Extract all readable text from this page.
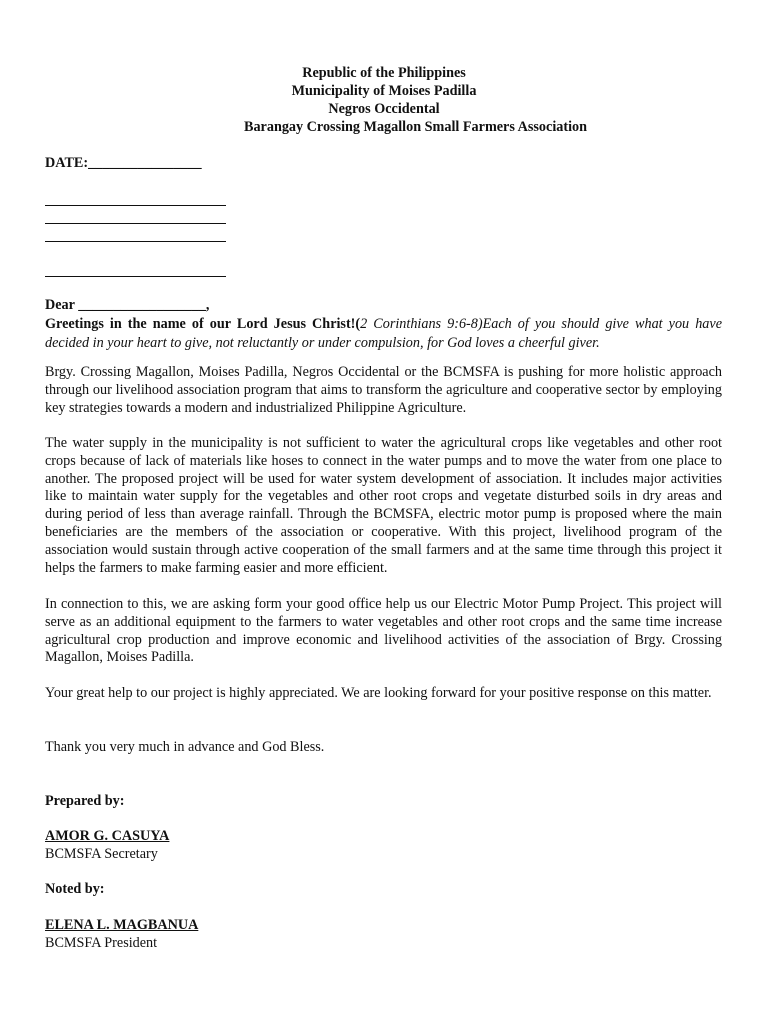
Republic of the Philippines
Municipality of Moises Padilla
Negros Occidental
Barangay Crossing Magallon Small Farmers Association
DATE:________________
Dear __________________,
Greetings in the name of our Lord Jesus Christ!(2 Corinthians 9:6-8)Each of you should give what you have decided in your heart to give, not reluctantly or under compulsion, for God loves a cheerful giver.
Brgy. Crossing Magallon, Moises Padilla, Negros Occidental or the BCMSFA is pushing for more holistic approach through our livelihood association program that aims to transform the agriculture and cooperative sector by employing key strategies towards a modern and industrialized Philippine Agriculture.
The water supply in the municipality is not sufficient to water the agricultural crops like vegetables and other root crops because of lack of materials like hoses to connect in the water pumps and to move the water from one place to another. The proposed project will be used for water system development of association. It includes major activities like to maintain water supply for the vegetables and other root crops and vegetate disturbed soils in dry areas and during period of less than average rainfall. Through the BCMSFA, electric motor pump is proposed where the main beneficiaries are the members of the association or cooperative. With this project, livelihood program of the association would sustain through active cooperation of the small farmers and at the same time through this project it helps the farmers to make farming easier and more efficient.
In connection to this, we are asking form your good office help us our Electric Motor Pump Project. This project will serve as an additional equipment to the farmers to water vegetables and other root crops and the same time increase agricultural crop production and improve economic and livelihood activities of the association of Brgy. Crossing Magallon, Moises Padilla.
Your great help to our project is highly appreciated. We are looking forward for your positive response on this matter.
Thank you very much in advance and God Bless.
Prepared by:
AMOR G. CASUYA
BCMSFA Secretary
Noted by:
ELENA L. MAGBANUA
BCMSFA President
